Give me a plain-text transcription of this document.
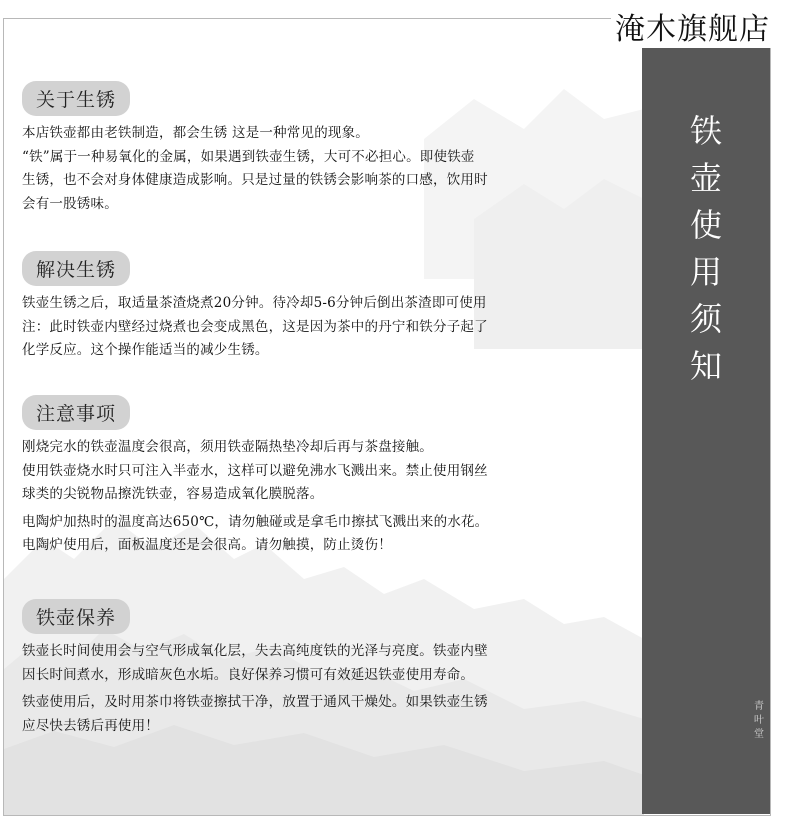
淹木旗舰店
关于生锈
本店铁壶都由老铁制造，都会生锈 这是一种常见的现象。
“铁”属于一种易氧化的金属，如果遇到铁壶生锈，大可不必担心。即使铁壶
生锈，也不会对身体健康造成影响。只是过量的铁锈会影响茶的口感，饮用时
会有一股锈味。
解决生锈
铁壶生锈之后，取适量茶渣烧煮20分钟。待冷却5-6分钟后倒出茶渣即可使用
注：此时铁壶内壁经过烧煮也会变成黑色，这是因为茶中的丹宁和铁分子起了
化学反应。这个操作能适当的减少生锈。
注意事项
刚烧完水的铁壶温度会很高，须用铁壶隔热垫冷却后再与茶盘接触。
使用铁壶烧水时只可注入半壶水，这样可以避免沸水飞溅出来。禁止使用钢丝
球类的尖锐物品擦洗铁壶，容易造成氧化膜脱落。
电陶炉加热时的温度高达650℃，请勿触碰或是拿毛巾擦拭飞溅出来的水花。
电陶炉使用后，面板温度还是会很高。请勿触摸，防止烫伤！
铁壶保养
铁壶长时间使用会与空气形成氧化层，失去高纯度铁的光泽与亮度。铁壶内壁
因长时间煮水，形成暗灰色水垢。良好保养习惯可有效延迟铁壶使用寿命。
铁壶使用后，及时用茶巾将铁壶擦拭干净，放置于通风干燥处。如果铁壶生锈
应尽快去锈后再使用！
铁
壶
使
用
须
知
青
叶
堂
